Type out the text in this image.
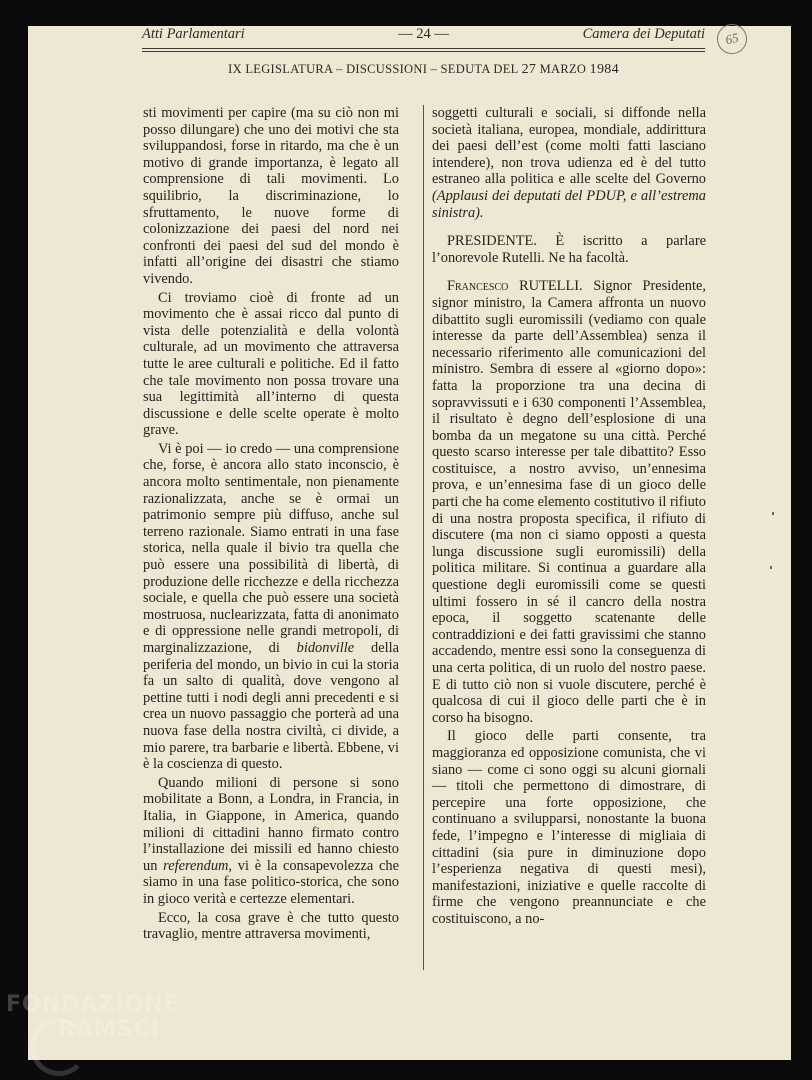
Atti Parlamentari	— 24 —	Camera dei Deputati	65
IX LEGISLATURA – DISCUSSIONI – SEDUTA DEL 27 MARZO 1984

sti movimenti per capire (ma su ciò non mi posso dilungare) che uno dei motivi che sta sviluppandosi, forse in ritardo, ma che è un motivo di grande importanza, è legato all comprensione di tali movimenti. Lo squilibrio, la discriminazione, lo sfruttamento, le nuove forme di colonizzazione dei paesi del nord nei confronti dei paesi del sud del mondo è infatti all’origine dei disastri che stiamo vivendo.

Ci troviamo cioè di fronte ad un movimento che è assai ricco dal punto di vista delle potenzialità e della volontà culturale, ad un movimento che attraversa tutte le aree culturali e politiche. Ed il fatto che tale movimento non possa trovare una sua legittimità all’interno di questa discussione e delle scelte operate è molto grave.

Vi è poi — io credo — una comprensione che, forse, è ancora allo stato inconscio, è ancora molto sentimentale, non pienamente razionalizzata, anche se è ormai un patrimonio sempre più diffuso, anche sul terreno razionale. Siamo entrati in una fase storica, nella quale il bivio tra quella che può essere una possibilità di libertà, di produzione delle ricchezze e della ricchezza sociale, e quella che può essere una società mostruosa, nuclearizzata, fatta di anonimato e di oppressione nelle grandi metropoli, di marginalizzazione, di bidonville della periferia del mondo, un bivio in cui la storia fa un salto di qualità, dove vengono al pettine tutti i nodi degli anni precedenti e si crea un nuovo passaggio che porterà ad una nuova fase della nostra civiltà, ci divide, a mio parere, tra barbarie e libertà. Ebbene, vi è la coscienza di questo.

Quando milioni di persone si sono mobilitate a Bonn, a Londra, in Francia, in Italia, in Giappone, in America, quando milioni di cittadini hanno firmato contro l’installazione dei missili ed hanno chiesto un referendum, vi è la consapevolezza che siamo in una fase politico-storica, che sono in gioco verità e certezze elementari.

Ecco, la cosa grave è che tutto questo travaglio, mentre attraversa movimenti,

soggetti culturali e sociali, si diffonde nella società italiana, europea, mondiale, addirittura dei paesi dell’est (come molti fatti lasciano intendere), non trova udienza ed è del tutto estraneo alla politica e alle scelte del Governo (Applausi dei deputati del PDUP, e all’estrema sinistra).

PRESIDENTE. È iscritto a parlare l’onorevole Rutelli. Ne ha facoltà.

Francesco RUTELLI. Signor Presidente, signor ministro, la Camera affronta un nuovo dibattito sugli euromissili (vediamo con quale interesse da parte dell’Assemblea) senza il necessario riferimento alle comunicazioni del ministro. Sembra di essere al «giorno dopo»: fatta la proporzione tra una decina di sopravvissuti e i 630 componenti l’Assemblea, il risultato è degno dell’esplosione di una bomba da un megatone su una città. Perché questo scarso interesse per tale dibattito? Esso costituisce, a nostro avviso, un’ennesima prova, e un’ennesima fase di un gioco delle parti che ha come elemento costitutivo il rifiuto di una nostra proposta specifica, il rifiuto di discutere (ma non ci siamo opposti a questa lunga discussione sugli euromissili) della politica militare. Si continua a guardare alla questione degli euromissili come se questi ultimi fossero in sé il cancro della nostra epoca, il soggetto scatenante delle contraddizioni e dei fatti gravissimi che stanno accadendo, mentre essi sono la conseguenza di una certa politica, di un ruolo del nostro paese. E di tutto ciò non si vuole discutere, perché è qualcosa di cui il gioco delle parti che è in corso ha bisogno.

Il gioco delle parti consente, tra maggioranza ed opposizione comunista, che vi siano — come ci sono oggi su alcuni giornali — titoli che permettono di dimostrare, di percepire una forte opposizione, che continuano a svilupparsi, nonostante la buona fede, l’impegno e l’interesse di migliaia di cittadini (sia pure in diminuzione dopo l’esperienza negativa di questi mesi), manifestazioni, iniziative e quelle raccolte di firme che vengono preannunciate e che costituiscono, a no-

FONDAZIONE
RAMSCI
online
